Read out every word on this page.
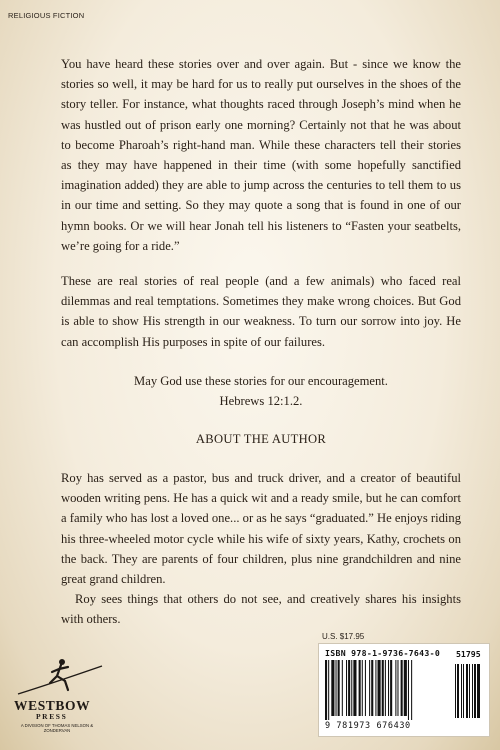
RELIGIOUS FICTION
You have heard these stories over and over again. But - since we know the stories so well, it may be hard for us to really put ourselves in the shoes of the story teller. For instance, what thoughts raced through Joseph’s mind when he was hustled out of prison early one morning? Certainly not that he was about to become Pharoah’s right-hand man. While these characters tell their stories as they may have happened in their time (with some hopefully sanctified imagination added) they are able to jump across the centuries to tell them to us in our time and setting. So they may quote a song that is found in one of our hymn books. Or we will hear Jonah tell his listeners to “Fasten your seatbelts, we’re going for a ride.”
These are real stories of real people (and a few animals) who faced real dilemmas and real temptations. Sometimes they make wrong choices. But God is able to show His strength in our weakness. To turn our sorrow into joy. He can accomplish His purposes in spite of our failures.
May God use these stories for our encouragement.
Hebrews 12:1.2.
ABOUT THE AUTHOR

Roy has served as a pastor, bus and truck driver, and a creator of beautiful wooden writing pens. He has a quick wit and a ready smile, but he can comfort a family who has lost a loved one... or as he says “graduated.” He enjoys riding his three-wheeled motor cycle while his wife of sixty years, Kathy, crochets on the back. They are parents of four children, plus nine grandchildren and nine great grand children.

Roy sees things that others do not see, and creatively shares his insights with others.

U.S. $17.95
ISBN 978-1-9736-7643-0 51795
9 781973 676430
WESTBOW
PRESS
A DIVISION OF THOMAS NELSON & ZONDERVAN
